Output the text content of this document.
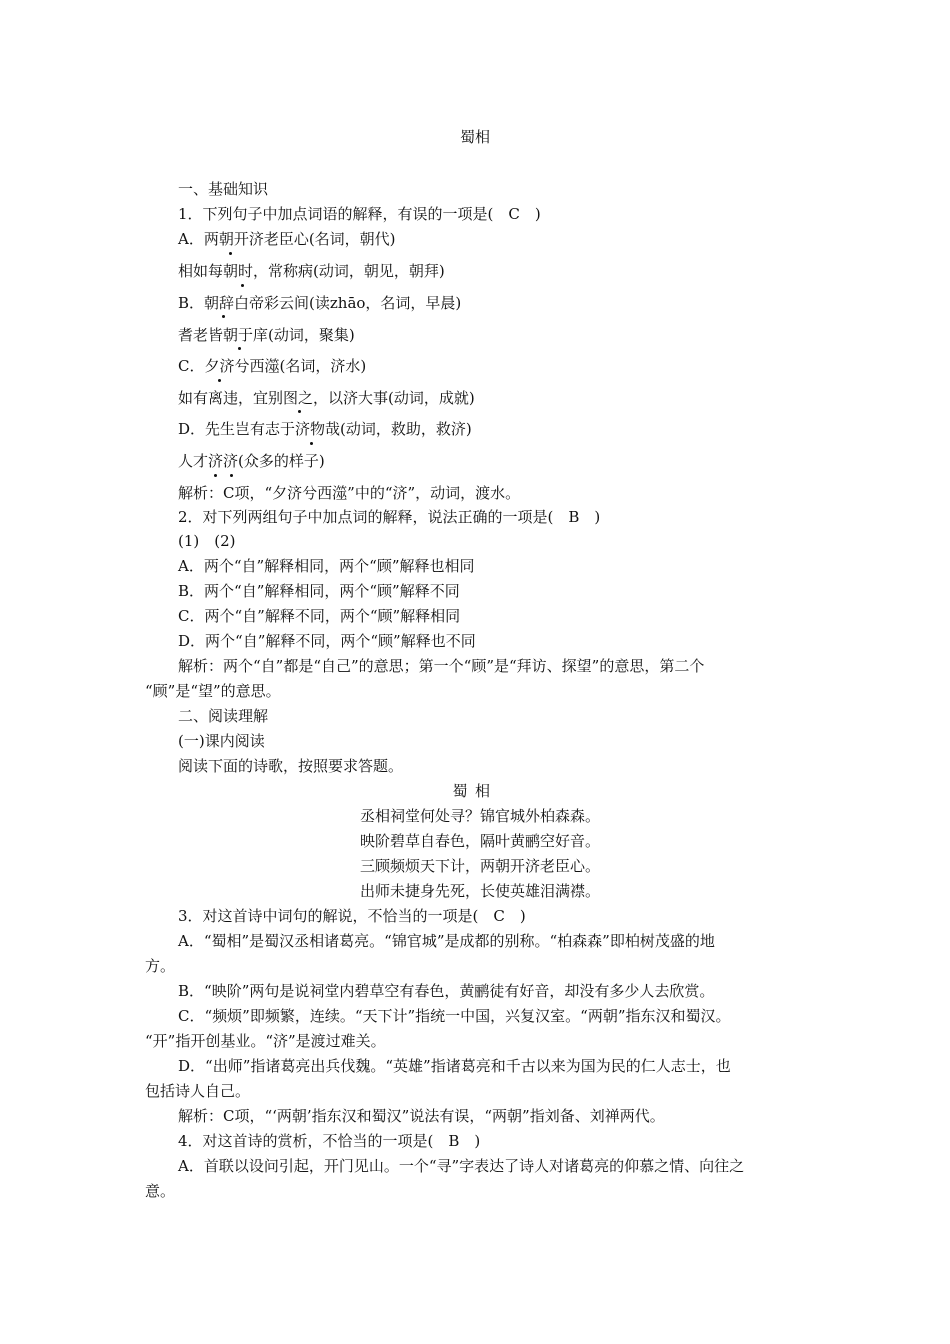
蜀相
一、基础知识
1．下列句子中加点词语的解释，有误的一项是(　C　)
A．两朝开济老臣心(名词，朝代)
相如每朝时，常称病(动词，朝见，朝拜)
B．朝辞白帝彩云间(读zhāo，名词，早晨)
耆老皆朝于庠(动词，聚集)
C．夕济兮西澨(名词，济水)
如有离违，宜别图之，以济大事(动词，成就)
D．先生岂有志于济物哉(动词，救助，救济)
人才济济(众多的样子)
解析：C项，“夕济兮西澨”中的“济”，动词，渡水。
2．对下列两组句子中加点词的解释，说法正确的一项是(　B　)
(1)　(2)
A．两个“自”解释相同，两个“顾”解释也相同
B．两个“自”解释相同，两个“顾”解释不同
C．两个“自”解释不同，两个“顾”解释相同
D．两个“自”解释不同，两个“顾”解释也不同
解析：两个“自”都是“自己”的意思；第一个“顾”是“拜访、探望”的意思，第二个
“顾”是“望”的意思。
二、阅读理解
(一)课内阅读
阅读下面的诗歌，按照要求答题。
蜀相
丞相祠堂何处寻？锦官城外柏森森。
映阶碧草自春色，隔叶黄鹂空好音。
三顾频烦天下计，两朝开济老臣心。
出师未捷身先死，长使英雄泪满襟。
3．对这首诗中词句的解说，不恰当的一项是(　C　)
A．“蜀相”是蜀汉丞相诸葛亮。“锦官城”是成都的别称。“柏森森”即柏树茂盛的地
方。
B．“映阶”两句是说祠堂内碧草空有春色，黄鹂徒有好音，却没有多少人去欣赏。
C．“频烦”即频繁，连续。“天下计”指统一中国，兴复汉室。“两朝”指东汉和蜀汉。
“开”指开创基业。“济”是渡过难关。
D．“出师”指诸葛亮出兵伐魏。“英雄”指诸葛亮和千古以来为国为民的仁人志士，也
包括诗人自己。
解析：C项，“‘两朝’指东汉和蜀汉”说法有误，“两朝”指刘备、刘禅两代。
4．对这首诗的赏析，不恰当的一项是(　B　)
A．首联以设问引起，开门见山。一个“寻”字表达了诗人对诸葛亮的仰慕之情、向往之
意。
